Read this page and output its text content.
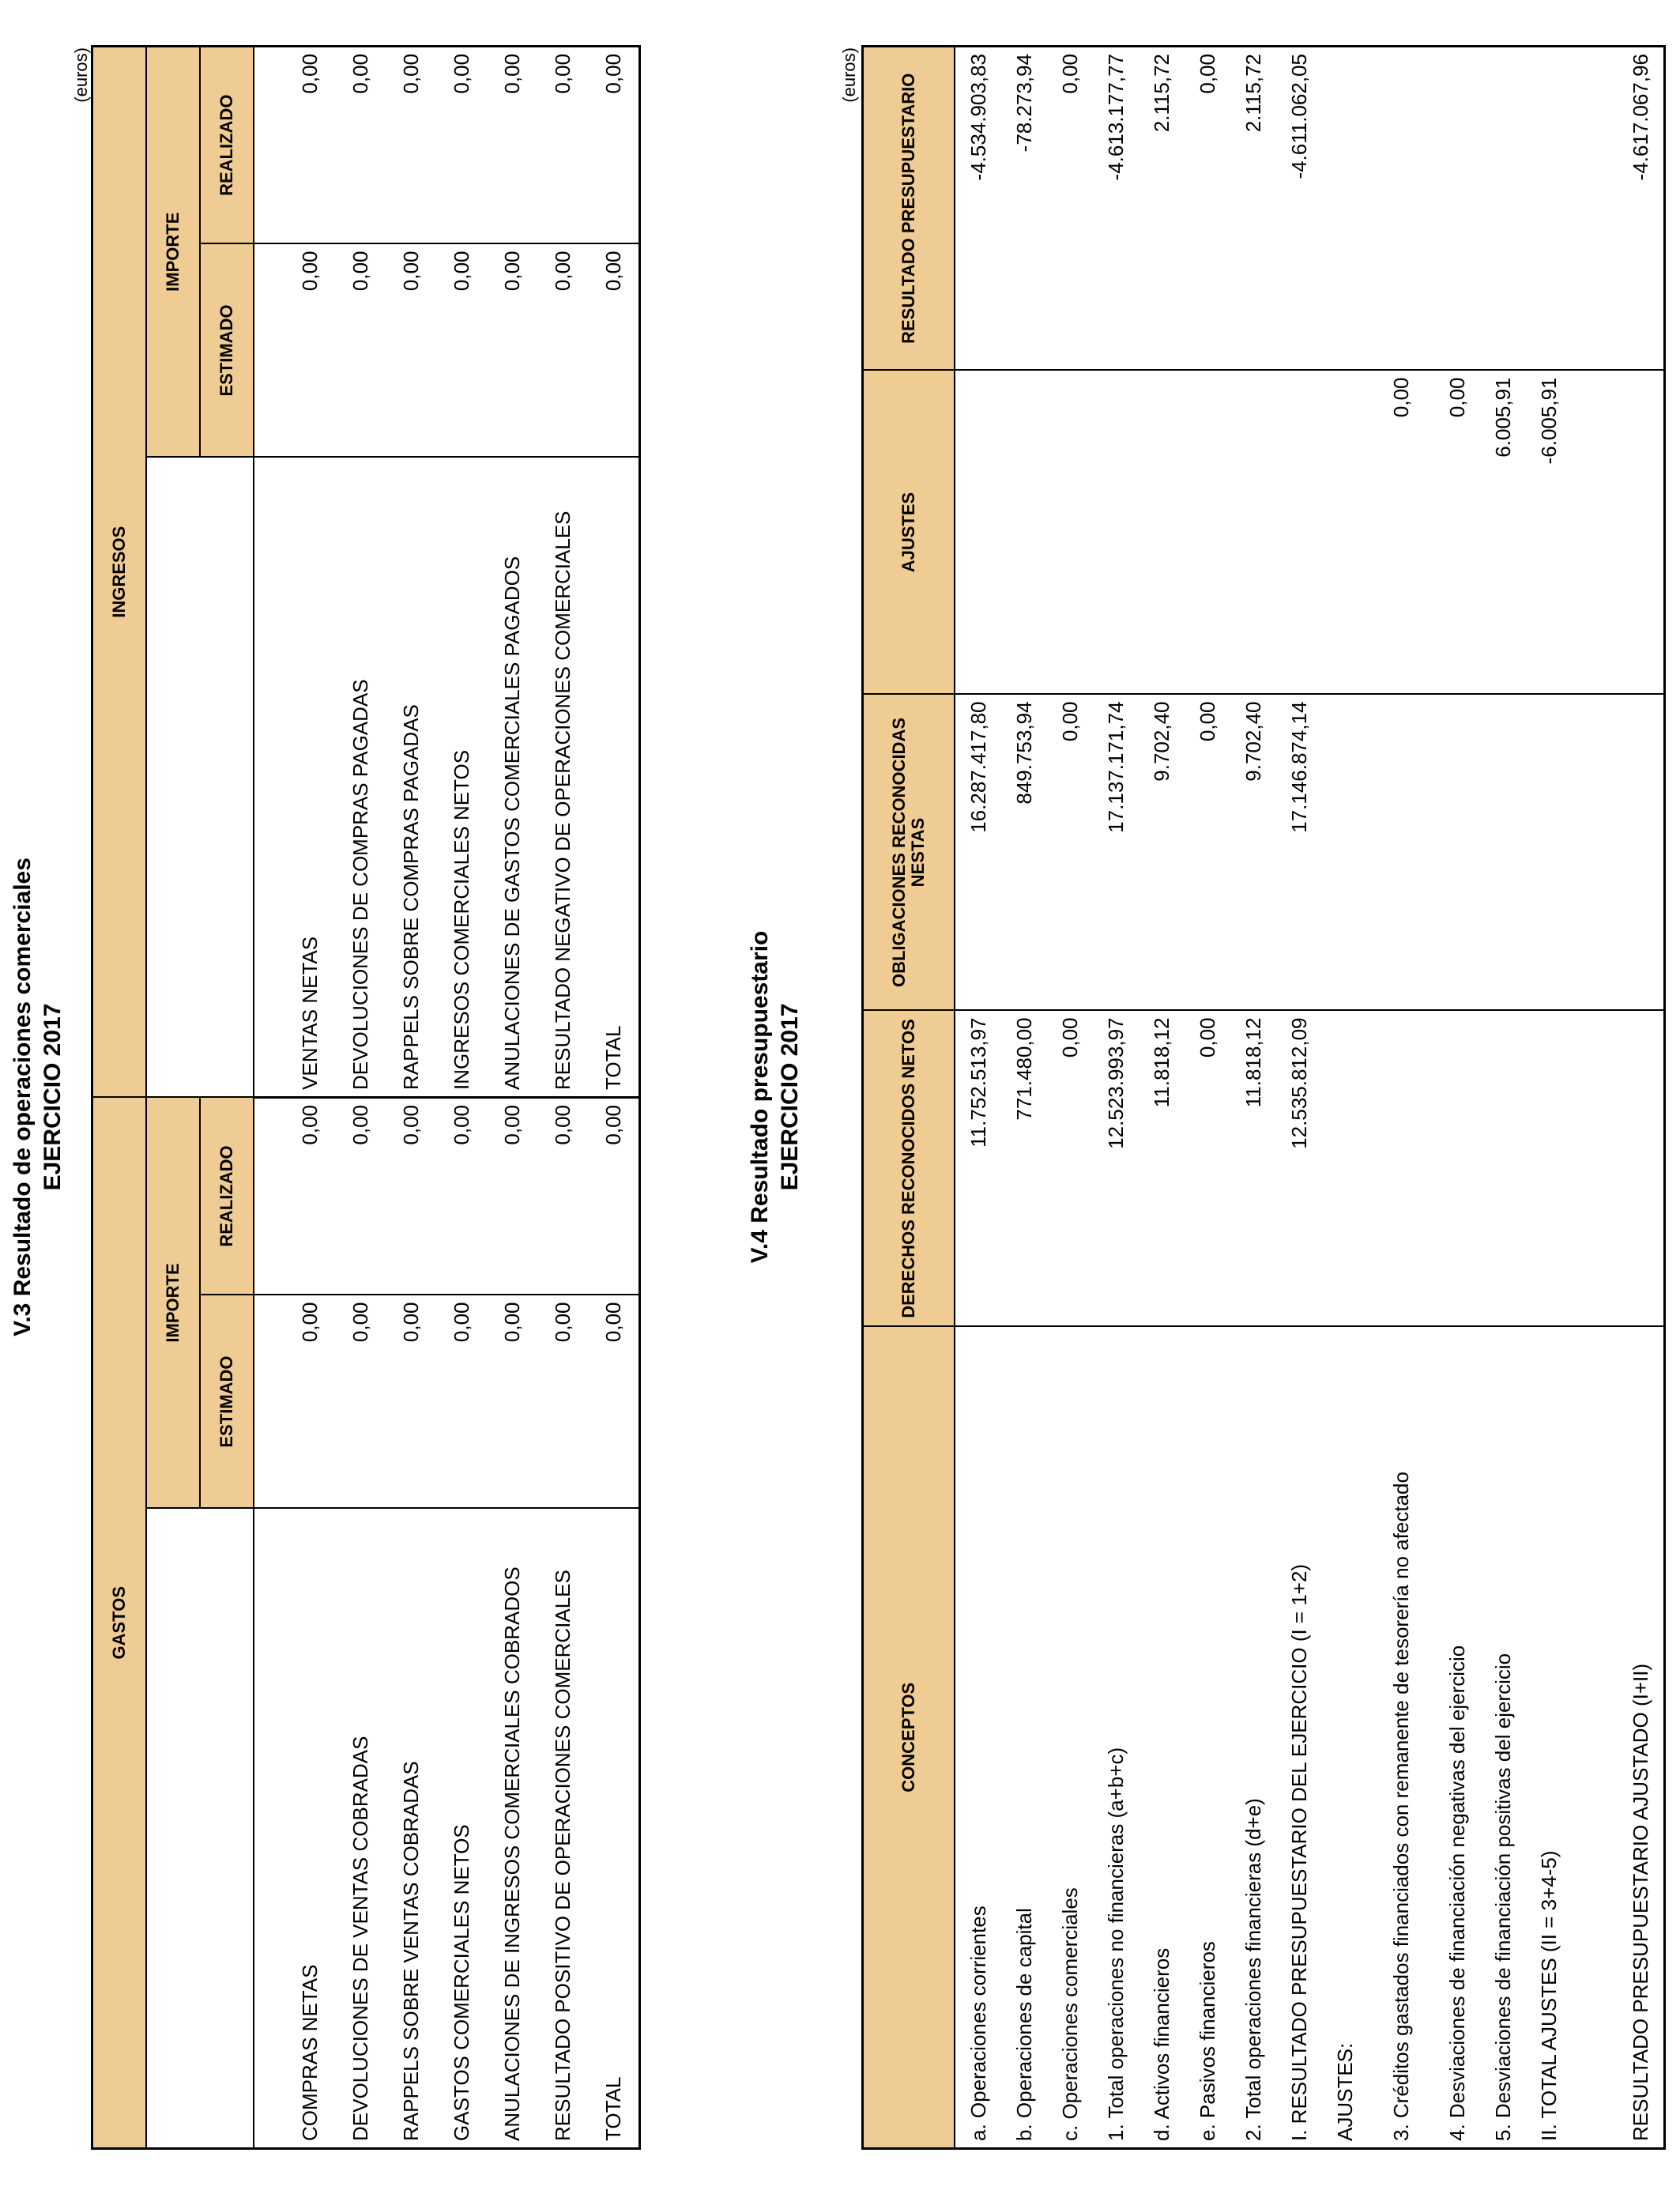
V.3 Resultado de operaciones comerciales EJERCICIO 2017
(euros)
GASTOS			INGRESOS		
	IMPORTE			IMPORTE	
	ESTIMADO	REALIZADO		ESTIMADO	REALIZADO
COMPRAS NETAS	0,00	0,00	VENTAS NETAS	0,00	0,00
DEVOLUCIONES DE VENTAS COBRADAS	0,00	0,00	DEVOLUCIONES DE COMPRAS PAGADAS	0,00	0,00
RAPPELS SOBRE VENTAS COBRADAS	0,00	0,00	RAPPELS SOBRE COMPRAS PAGADAS	0,00	0,00
GASTOS COMERCIALES NETOS	0,00	0,00	INGRESOS COMERCIALES NETOS	0,00	0,00
ANULACIONES DE INGRESOS COMERCIALES COBRADOS	0,00	0,00	ANULACIONES DE GASTOS COMERCIALES PAGADOS	0,00	0,00
RESULTADO POSITIVO DE OPERACIONES COMERCIALES	0,00	0,00	RESULTADO NEGATIVO DE OPERACIONES COMERCIALES	0,00	0,00
TOTAL	0,00	0,00	TOTAL	0,00	0,00
V.4 Resultado presupuestario EJERCICIO 2017
(euros)
CONCEPTOS	DERECHOS RECONOCIDOS NETOS	OBLIGACIONES RECONOCIDAS NESTAS	AJUSTES	RESULTADO PRESUPUESTARIO
a. Operaciones corrientes	11.752.513,97	16.287.417,80		-4.534.903,83
b. Operaciones de capital	771.480,00	849.753,94		-78.273,94
c. Operaciones comerciales	0,00	0,00		0,00
1. Total operaciones no financieras (a+b+c)	12.523.993,97	17.137.171,74		-4.613.177,77
d. Activos financieros	11.818,12	9.702,40		2.115,72
e. Pasivos financieros	0,00	0,00		0,00
2. Total operaciones financieras (d+e)	11.818,12	9.702,40		2.115,72
I. RESULTADO PRESUPUESTARIO DEL EJERCICIO (I = 1+2)	12.535.812,09	17.146.874,14		-4.611.062,05
AJUSTES:				
3. Créditos gastados financiados con remanente de tesorería no afectado			0,00	
4. Desviaciones de financiación negativas del ejercicio			0,00	
5. Desviaciones de financiación positivas del ejercicio			6.005,91	
II. TOTAL AJUSTES (II = 3+4-5)			-6.005,91	

RESULTADO PRESUPUESTARIO AJUSTADO (I+II)				-4.617.067,96
